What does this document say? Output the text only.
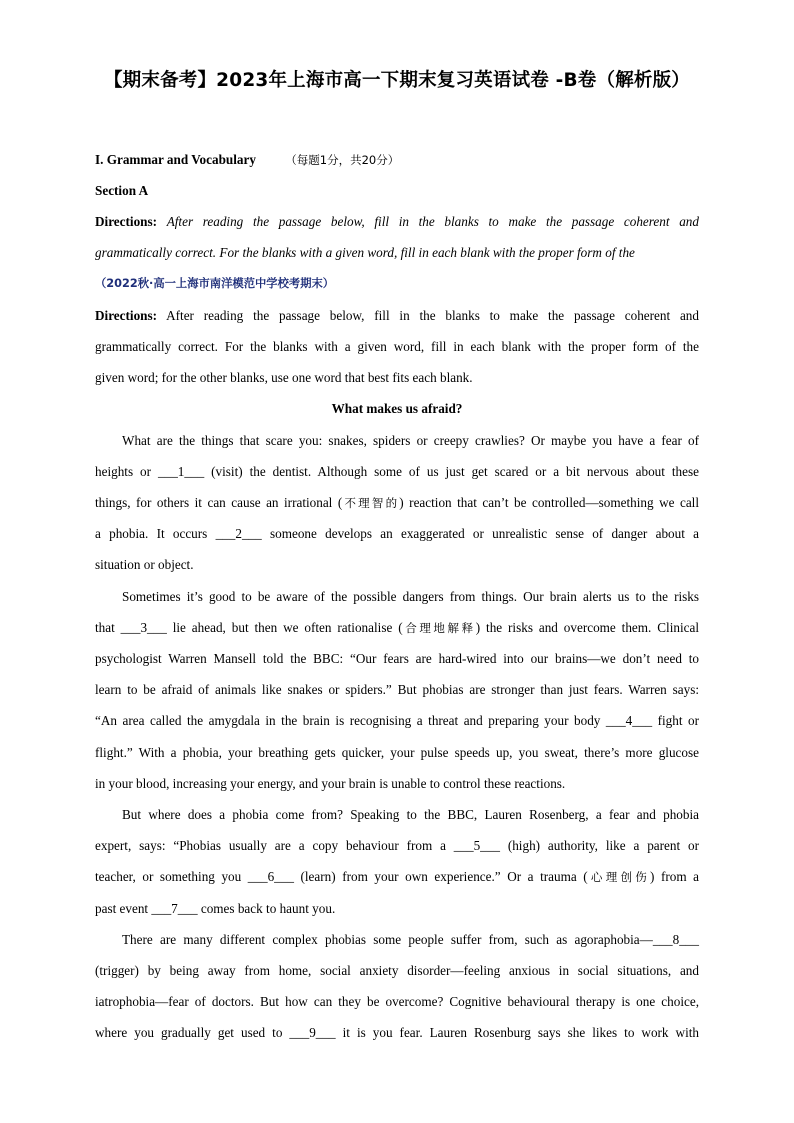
【期末备考】2023年上海市高一下期末复习英语试卷 -B卷（解析版）
I. Grammar and Vocabulary	（每题1分，共20分）
Section A
Directions: After reading the passage below, fill in the blanks to make the passage coherent and
grammatically correct. For the blanks with a given word, fill in each blank with the proper form of the
（2022秋·高一上海市南洋模范中学校考期末）
Directions: After reading the passage below, fill in the blanks to make the passage coherent and
grammatically correct. For the blanks with a given word, fill in each blank with the proper form of the
given word; for the other blanks, use one word that best fits each blank.
What makes us afraid?
What are the things that scare you: snakes, spiders or creepy crawlies? Or maybe you have a fear of
heights or ___1___ (visit) the dentist. Although some of us just get scared or a bit nervous about these
things, for others it can cause an irrational (不理智的) reaction that can’t be controlled—something we call
a phobia. It occurs ___2___ someone develops an exaggerated or unrealistic sense of danger about a
situation or object.
Sometimes it’s good to be aware of the possible dangers from things. Our brain alerts us to the risks
that ___3___ lie ahead, but then we often rationalise (合理地解释) the risks and overcome them. Clinical
psychologist Warren Mansell told the BBC: “Our fears are hard-wired into our brains—we don’t need to
learn to be afraid of animals like snakes or spiders.” But phobias are stronger than just fears. Warren says:
“An area called the amygdala in the brain is recognising a threat and preparing your body ___4___ fight or
flight.” With a phobia, your breathing gets quicker, your pulse speeds up, you sweat, there’s more glucose
in your blood, increasing your energy, and your brain is unable to control these reactions.
But where does a phobia come from? Speaking to the BBC, Lauren Rosenberg, a fear and phobia
expert, says: “Phobias usually are a copy behaviour from a ___5___ (high) authority, like a parent or
teacher, or something you ___6___ (learn) from your own experience.” Or a trauma (心理创伤) from a
past event ___7___ comes back to haunt you.
There are many different complex phobias some people suffer from, such as agoraphobia—___8___
(trigger) by being away from home, social anxiety disorder—feeling anxious in social situations, and
iatrophobia—fear of doctors. But how can they be overcome? Cognitive behavioural therapy is one choice,
where you gradually get used to ___9___ it is you fear. Lauren Rosenburg says she likes to work with
